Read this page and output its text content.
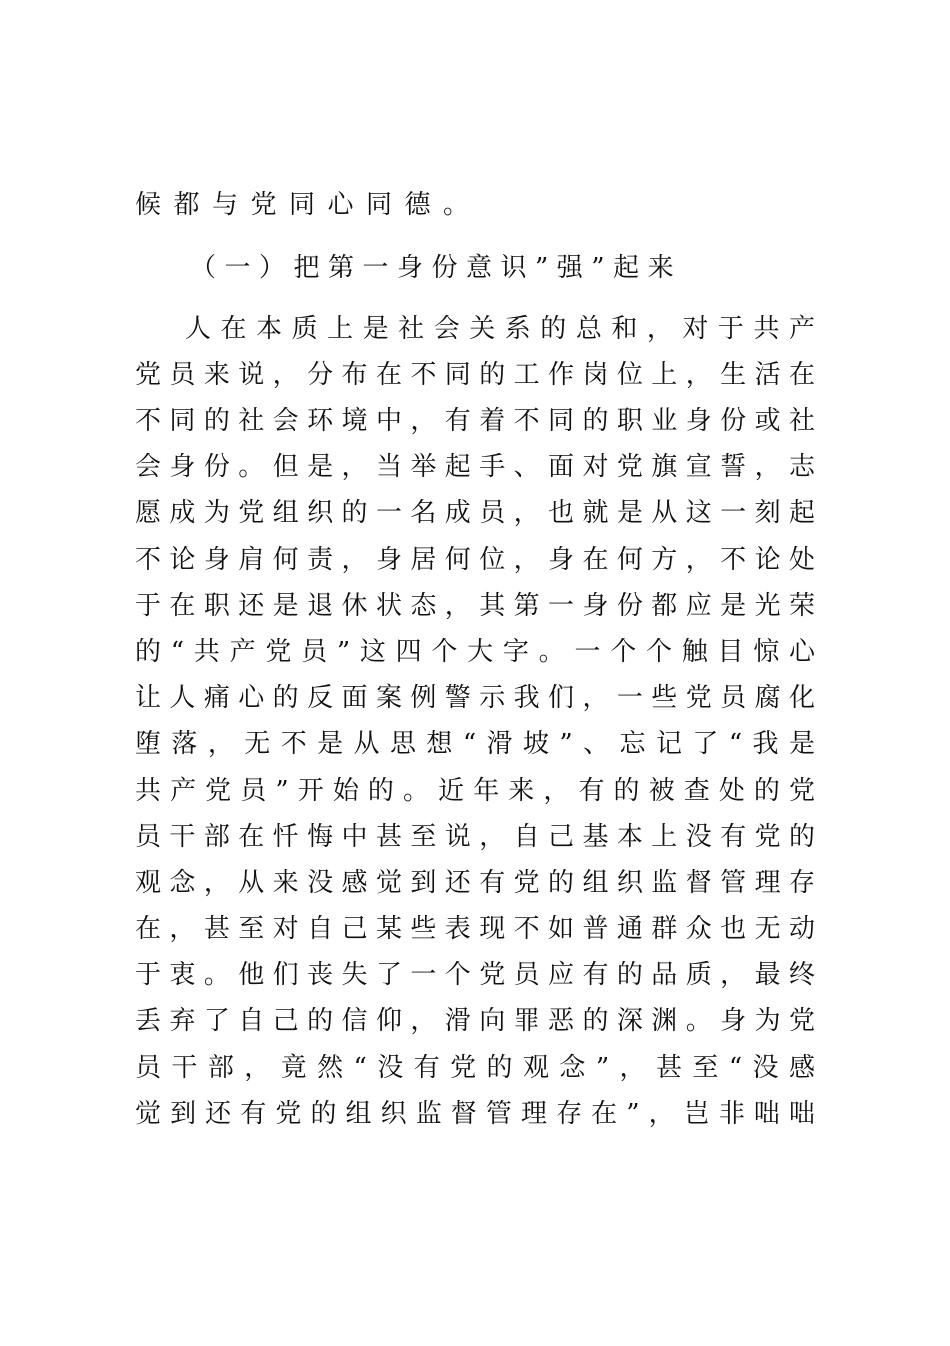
候都与党同心同德。
（一）把第一身份意识”强”起来
人​在​本​质​上​是​社​会​关​系​的​总​和​，​对​于​共​产
党​员​来​说​，​分​布​在​不​同​的​工​作​岗​位​上​，​生​活​在
不​同​的​社​会​环​境​中​，​有​着​不​同​的​职​业​身​份​或​社
会​身​份​。​但​是​，​当​举​起​手​、​面​对​党​旗​宣​誓​，​志
愿​成​为​党​组​织​的​一​名​成​员​，​也​就​是​从​这​一​刻​起
不​论​身​肩​何​责​，​身​居​何​位​，​身​在​何​方​，​不​论​处
于​在​职​还​是​退​休​状​态​，​其​第​一​身​份​都​应​是​光​荣
的​“​共​产​党​员​”​这​四​个​大​字​。​一​个​个​触​目​惊​心
让​人​痛​心​的​反​面​案​例​警​示​我​们​，​一​些​党​员​腐​化
堕​落​，​无​不​是​从​思​想​“​滑​坡​”​、​忘​记​了​“​我​是
共​产​党​员​”​开​始​的​。​近​年​来​，​有​的​被​查​处​的​党
员​干​部​在​忏​悔​中​甚​至​说​，​自​己​基​本​上​没​有​党​的
观​念​，​从​来​没​感​觉​到​还​有​党​的​组​织​监​督​管​理​存
在​，​甚​至​对​自​己​某​些​表​现​不​如​普​通​群​众​也​无​动
于​衷​。​他​们​丧​失​了​一​个​党​员​应​有​的​品​质​，​最​终
丢​弃​了​自​己​的​信​仰​，​滑​向​罪​恶​的​深​渊​。​身​为​党
员​干​部​，​竟​然​“​没​有​党​的​观​念​”​，​甚​至​“​没​感
觉​到​还​有​党​的​组​织​监​督​管​理​存​在​”​，​岂​非​咄​咄
